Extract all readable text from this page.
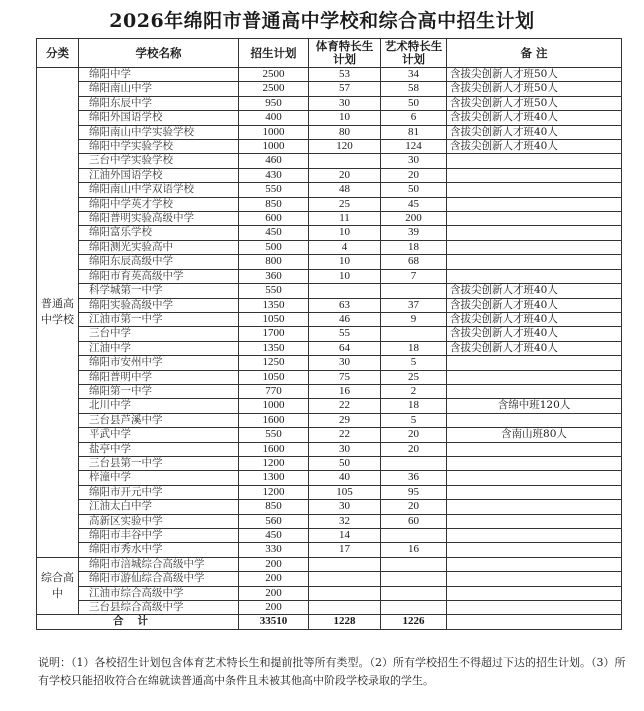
2026年绵阳市普通高中学校和综合高中招生计划
分类	学校名称	招生计划	体育特长生计划	艺术特长生计划	备 注
普通高中学校	绵阳中学	2500	53	34	含拔尖创新人才班50人
	绵阳南山中学	2500	57	58	含拔尖创新人才班50人
	绵阳东辰中学	950	30	50	含拔尖创新人才班50人
	绵阳外国语学校	400	10	6	含拔尖创新人才班40人
	绵阳南山中学实验学校	1000	80	81	含拔尖创新人才班40人
	绵阳中学实验学校	1000	120	124	含拔尖创新人才班40人
	三台中学实验学校	460		30	
	江油外国语学校	430	20	20	
	绵阳南山中学双语学校	550	48	50	
	绵阳中学英才学校	850	25	45	
	绵阳普明实验高级中学	600	11	200	
	绵阳富乐学校	450	10	39	
	绵阳测光实验高中	500	4	18	
	绵阳东辰高级中学	800	10	68	
	绵阳市育英高级中学	360	10	7	
	科学城第一中学	550			含拔尖创新人才班40人
	绵阳实验高级中学	1350	63	37	含拔尖创新人才班40人
	江油市第一中学	1050	46	9	含拔尖创新人才班40人
	三台中学	1700	55		含拔尖创新人才班40人
	江油中学	1350	64	18	含拔尖创新人才班40人
	绵阳市安州中学	1250	30	5	
	绵阳普明中学	1050	75	25	
	绵阳第一中学	770	16	2	
	北川中学	1000	22	18	含绵中班120人
	三台县芦溪中学	1600	29	5	
	平武中学	550	22	20	含南山班80人
	盐亭中学	1600	30	20	
	三台县第一中学	1200	50		
	梓潼中学	1300	40	36	
	绵阳市开元中学	1200	105	95	
	江油太白中学	850	30	20	
	高新区实验中学	560	32	60	
	绵阳市丰谷中学	450	14		
	绵阳市秀水中学	330	17	16	
综合高中	绵阳市涪城综合高级中学	200			
	绵阳市游仙综合高级中学	200			
	江油市综合高级中学	200			
	三台县综合高级中学	200			
合计		33510	1228	1226	
说明：（1）各校招生计划包含体育艺术特长生和提前批等所有类型。（2）所有学校招生不得超过下达的招生计划。（3）所有学校只能招收符合在绵就读普通高中条件且未被其他高中阶段学校录取的学生。
